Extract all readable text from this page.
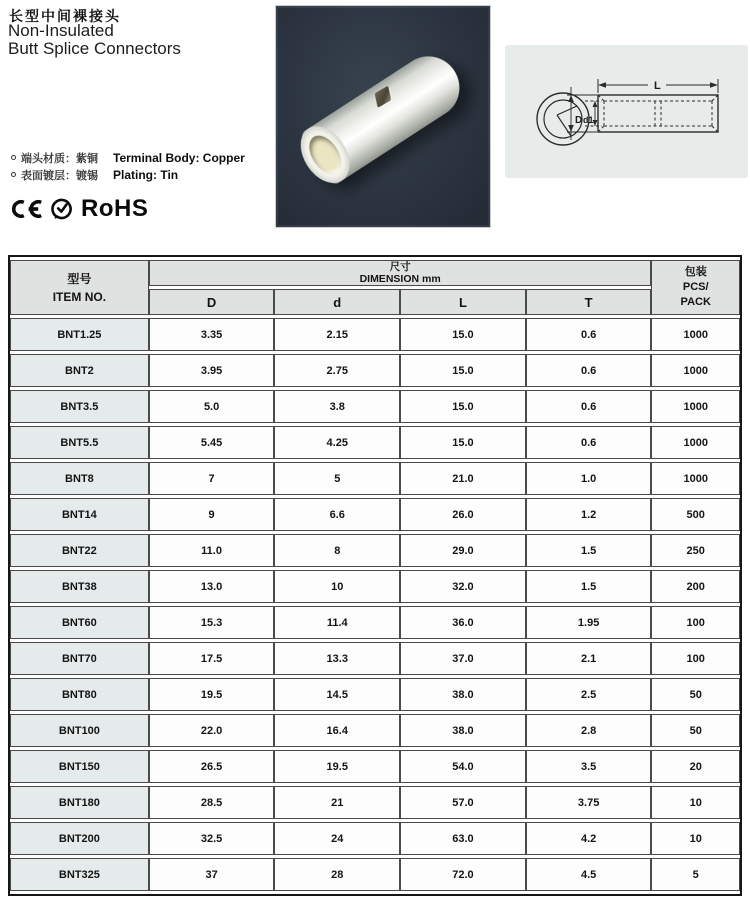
长型中间裸接头
Non-Insulated
Butt Splice Connectors
端头材质：紫铜 Terminal Body: Copper
表面镀层：镀锡 Plating: Tin
RoHS
L
D d1
型号
ITEM NO.

尺寸
DIMENSION mm

包装
PCS/
PACK

	D	d	L	T	
BNT1.25	3.35	2.15	15.0	0.6	1000
BNT2	3.95	2.75	15.0	0.6	1000
BNT3.5	5.0	3.8	15.0	0.6	1000
BNT5.5	5.45	4.25	15.0	0.6	1000
BNT8	7	5	21.0	1.0	1000
BNT14	9	6.6	26.0	1.2	500
BNT22	11.0	8	29.0	1.5	250
BNT38	13.0	10	32.0	1.5	200
BNT60	15.3	11.4	36.0	1.95	100
BNT70	17.5	13.3	37.0	2.1	100
BNT80	19.5	14.5	38.0	2.5	50
BNT100	22.0	16.4	38.0	2.8	50
BNT150	26.5	19.5	54.0	3.5	20
BNT180	28.5	21	57.0	3.75	10
BNT200	32.5	24	63.0	4.2	10
BNT325	37	28	72.0	4.5	5
